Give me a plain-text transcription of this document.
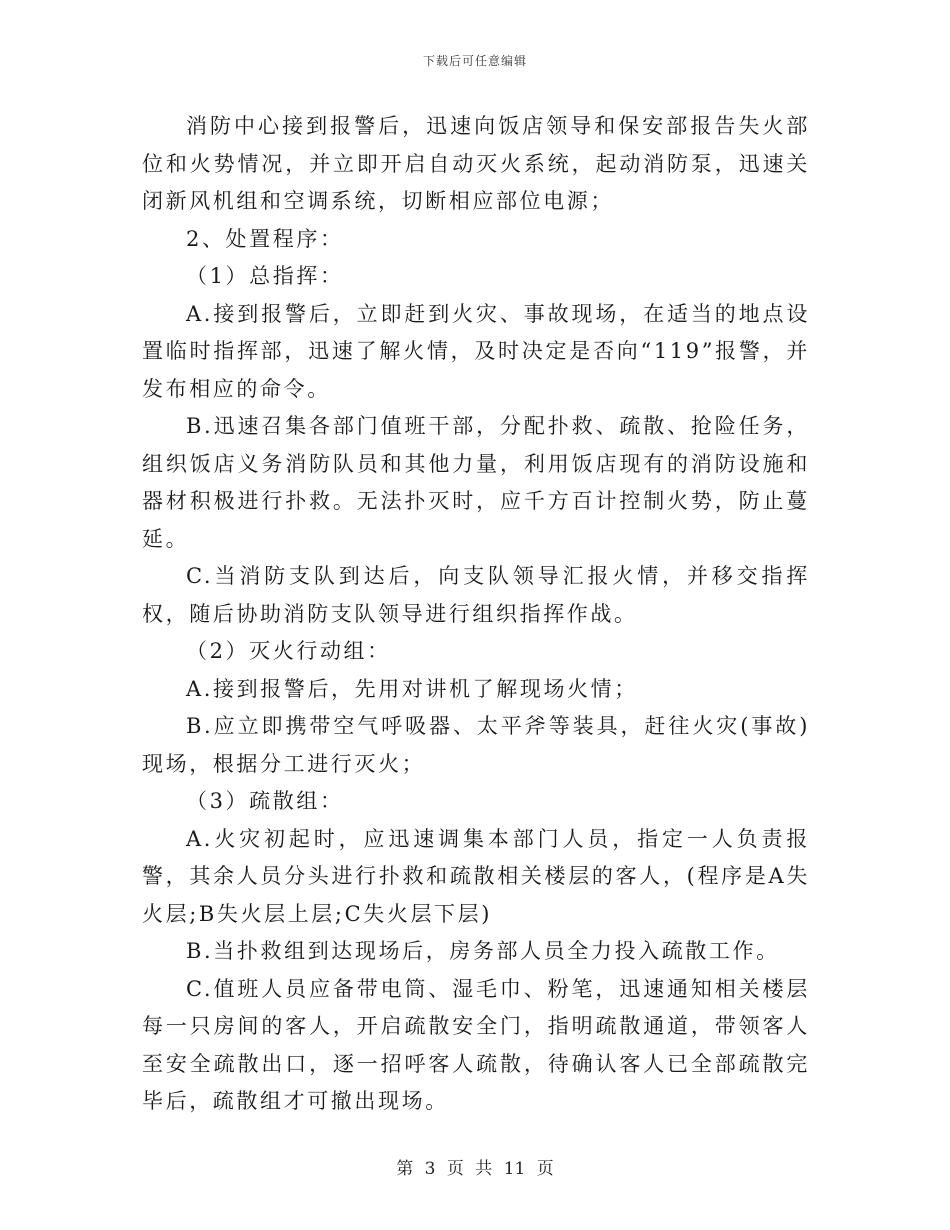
下载后可任意编辑

消防中心接到报警后，迅速向饭店领导和保安部报告失火部位和火势情况，并立即开启自动灭火系统，起动消防泵，迅速关闭新风机组和空调系统，切断相应部位电源；

2、处置程序：

（1）总指挥：

A.接到报警后，立即赶到火灾、事故现场，在适当的地点设置临时指挥部，迅速了解火情，及时决定是否向“119”报警，并发布相应的命令。

B.迅速召集各部门值班干部，分配扑救、疏散、抢险任务，组织饭店义务消防队员和其他力量，利用饭店现有的消防设施和器材积极进行扑救。无法扑灭时，应千方百计控制火势，防止蔓延。

C.当消防支队到达后，向支队领导汇报火情，并移交指挥权，随后协助消防支队领导进行组织指挥作战。

（2）灭火行动组：

A.接到报警后，先用对讲机了解现场火情；

B.应立即携带空气呼吸器、太平斧等装具，赶往火灾(事故)现场，根据分工进行灭火；

（3）疏散组：

A.火灾初起时，应迅速调集本部门人员，指定一人负责报警，其余人员分头进行扑救和疏散相关楼层的客人，(程序是A失火层;B失火层上层;C失火层下层)

B.当扑救组到达现场后，房务部人员全力投入疏散工作。

C.值班人员应备带电筒、湿毛巾、粉笔，迅速通知相关楼层每一只房间的客人，开启疏散安全门，指明疏散通道，带领客人至安全疏散出口，逐一招呼客人疏散，待确认客人已全部疏散完毕后，疏散组才可撤出现场。

第 3 页 共 11 页
